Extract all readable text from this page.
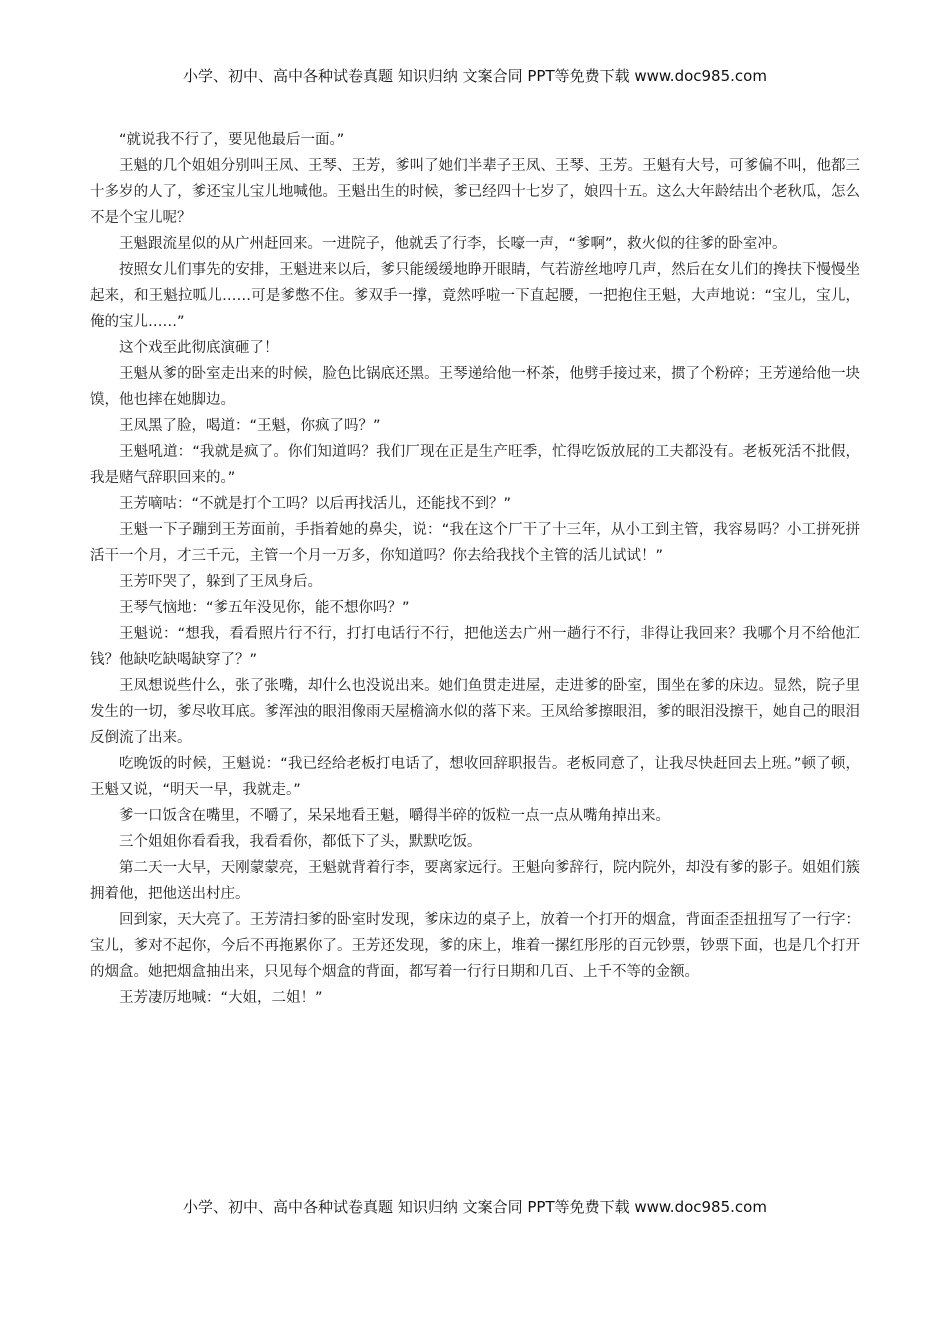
小学、初中、高中各种试卷真题 知识归纳 文案合同 PPT等免费下载 www.doc985.com

“就说我不行了，要见他最后一面。”

王魁的几个姐姐分别叫王凤、王琴、王芳，爹叫了她们半辈子王凤、王琴、王芳。王魁有大号，可爹偏不叫，他都三十多岁的人了，爹还宝儿宝儿地喊他。王魁出生的时候，爹已经四十七岁了，娘四十五。这么大年龄结出个老秋瓜，怎么不是个宝儿呢？

王魁跟流星似的从广州赶回来。一进院子，他就丢了行李，长嚎一声，“爹啊”，救火似的往爹的卧室冲。

按照女儿们事先的安排，王魁进来以后，爹只能缓缓地睁开眼睛，气若游丝地哼几声，然后在女儿们的搀扶下慢慢坐起来，和王魁拉呱儿……可是爹憋不住。爹双手一撑，竟然呼啦一下直起腰，一把抱住王魁，大声地说：“宝儿，宝儿，俺的宝儿……”

这个戏至此彻底演砸了！

王魁从爹的卧室走出来的时候，脸色比锅底还黑。王琴递给他一杯茶，他劈手接过来，掼了个粉碎；王芳递给他一块馍，他也摔在她脚边。

王凤黑了脸，喝道：“王魁，你疯了吗？”

王魁吼道：“我就是疯了。你们知道吗？我们厂现在正是生产旺季，忙得吃饭放屁的工夫都没有。老板死活不批假，我是赌气辞职回来的。”

王芳嘀咕：“不就是打个工吗？以后再找活儿，还能找不到？”

王魁一下子蹦到王芳面前，手指着她的鼻尖，说：“我在这个厂干了十三年，从小工到主管，我容易吗？小工拼死拼活干一个月，才三千元，主管一个月一万多，你知道吗？你去给我找个主管的活儿试试！”

王芳吓哭了，躲到了王凤身后。

王琴气恼地：“爹五年没见你，能不想你吗？”

王魁说：“想我，看看照片行不行，打打电话行不行，把他送去广州一趟行不行，非得让我回来？我哪个月不给他汇钱？他缺吃缺喝缺穿了？”

王凤想说些什么，张了张嘴，却什么也没说出来。她们鱼贯走进屋，走进爹的卧室，围坐在爹的床边。显然，院子里发生的一切，爹尽收耳底。爹浑浊的眼泪像雨天屋檐滴水似的落下来。王凤给爹擦眼泪，爹的眼泪没擦干，她自己的眼泪反倒流了出来。

吃晚饭的时候，王魁说：“我已经给老板打电话了，想收回辞职报告。老板同意了，让我尽快赶回去上班。”顿了顿，王魁又说，“明天一早，我就走。”

爹一口饭含在嘴里，不嚼了，呆呆地看王魁，嚼得半碎的饭粒一点一点从嘴角掉出来。

三个姐姐你看看我，我看看你，都低下了头，默默吃饭。

第二天一大早，天刚蒙蒙亮，王魁就背着行李，要离家远行。王魁向爹辞行，院内院外，却没有爹的影子。姐姐们簇拥着他，把他送出村庄。

回到家，天大亮了。王芳清扫爹的卧室时发现，爹床边的桌子上，放着一个打开的烟盒，背面歪歪扭扭写了一行字：宝儿，爹对不起你，今后不再拖累你了。王芳还发现，爹的床上，堆着一摞红彤彤的百元钞票，钞票下面，也是几个打开的烟盒。她把烟盒抽出来，只见每个烟盒的背面，都写着一行行日期和几百、上千不等的金额。

王芳凄厉地喊：“大姐，二姐！”

小学、初中、高中各种试卷真题 知识归纳 文案合同 PPT等免费下载 www.doc985.com
